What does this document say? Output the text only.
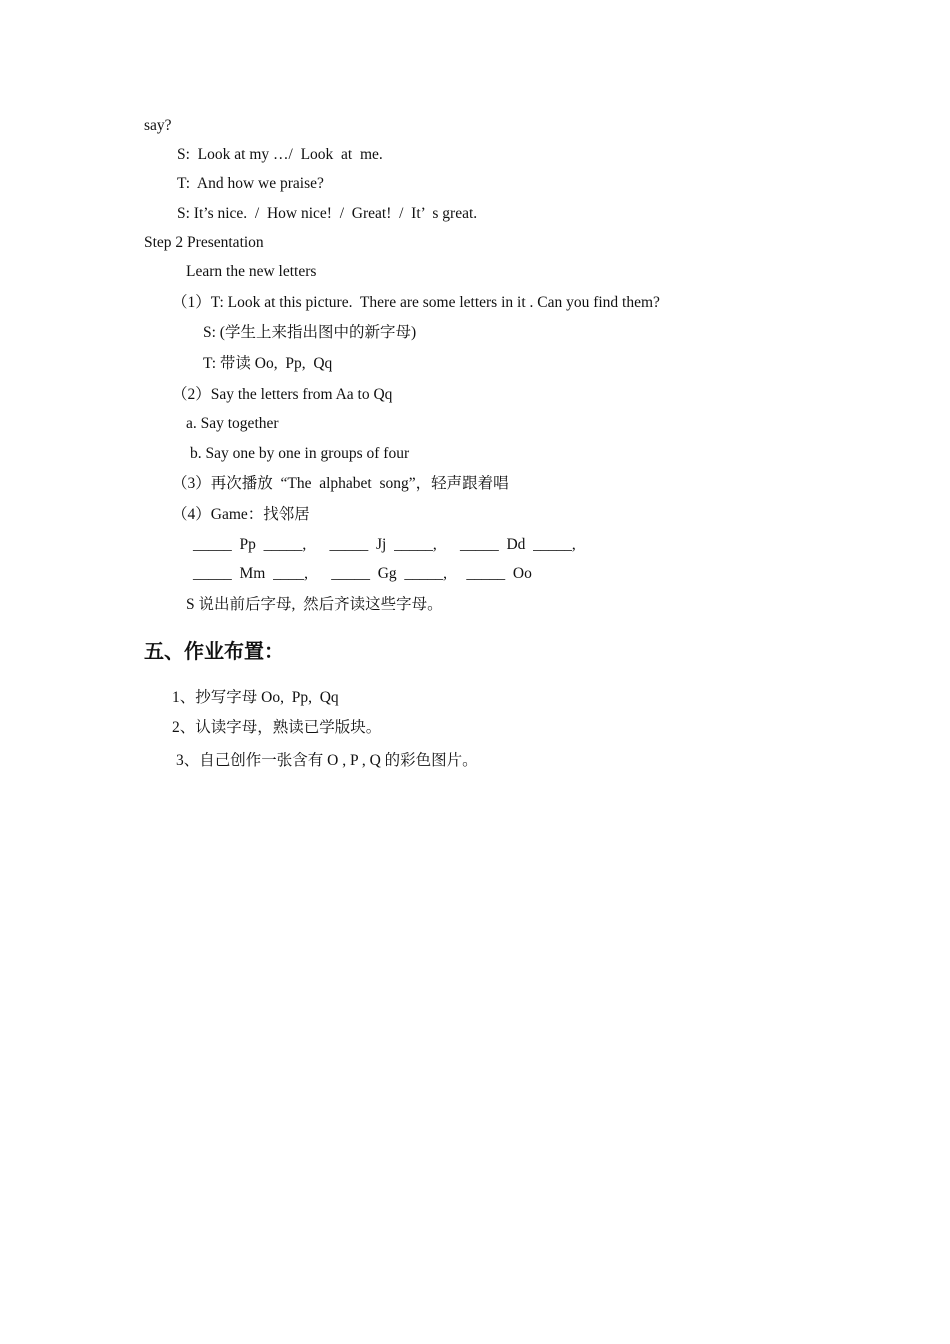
say?
S:  Look at my …/  Look  at  me.
T:  And how we praise?
S: It’s nice.  /  How nice!  /  Great!  /  It’  s great.
Step 2 Presentation
Learn the new letters
（1）T: Look at this picture.  There are some letters in it . Can you find them?
S: (学生上来指出图中的新字母)
T: 带读 Oo,  Pp,  Qq
（2）Say the letters from Aa to Qq
a. Say together
b. Say one by one in groups of four
（3）再次播放  “The  alphabet  song”，轻声跟着唱
（4）Game：找邻居
_____  Pp  _____,      _____  Jj  _____,      _____  Dd  _____,
_____  Mm  ____,      _____  Gg  _____,     _____  Oo
S 说出前后字母,  然后齐读这些字母。
五、作业布置：
1、抄写字母 Oo,  Pp,  Qq
2、认读字母，熟读已学版块。
3、自己创作一张含有 O , P , Q 的彩色图片。
